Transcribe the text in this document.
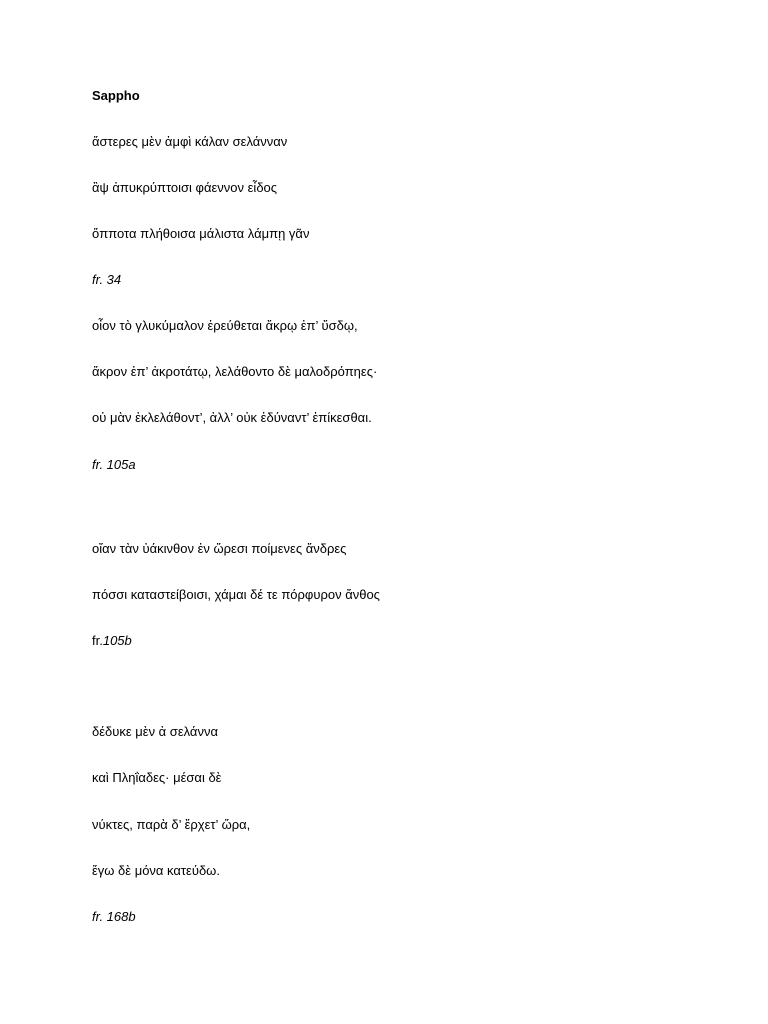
Sappho
ἄστερες μὲν ἀμφὶ κάλαν σελάνναν
ἂψ ἀπυκρύπτοισι φάεννον εἶδος
ὄπποτα πλήθοισα μάλιστα λάμπῃ γᾶν
fr. 34
οἶον τὸ γλυκύμαλον ἐρεύθεται ἄκρῳ ἐπ’ ὔσδῳ,
ἄκρον ἐπ’ ἀκροτάτῳ, λελάθοντο δὲ μαλοδρόπηες·
οὐ μὰν ἐκλελάθοντ’, ἀλλ’ οὐκ ἐδύναντ’ ἐπίκεσθαι.
fr. 105a
οἴαν τὰν ὐάκινθον ἐν ὤρεσι ποίμενες ἄνδρες
πόσσι καταστείβοισι, χάμαι δέ τε πόρφυρον ἄνθος
fr.105b
δέδυκε μὲν ἀ σελάννα
καὶ Πληΐαδες· μέσαι δὲ
νύκτες, παρὰ δ’ ἔρχετ’ ὤρα,
ἔγω δὲ μόνα κατεύδω.
fr. 168b
